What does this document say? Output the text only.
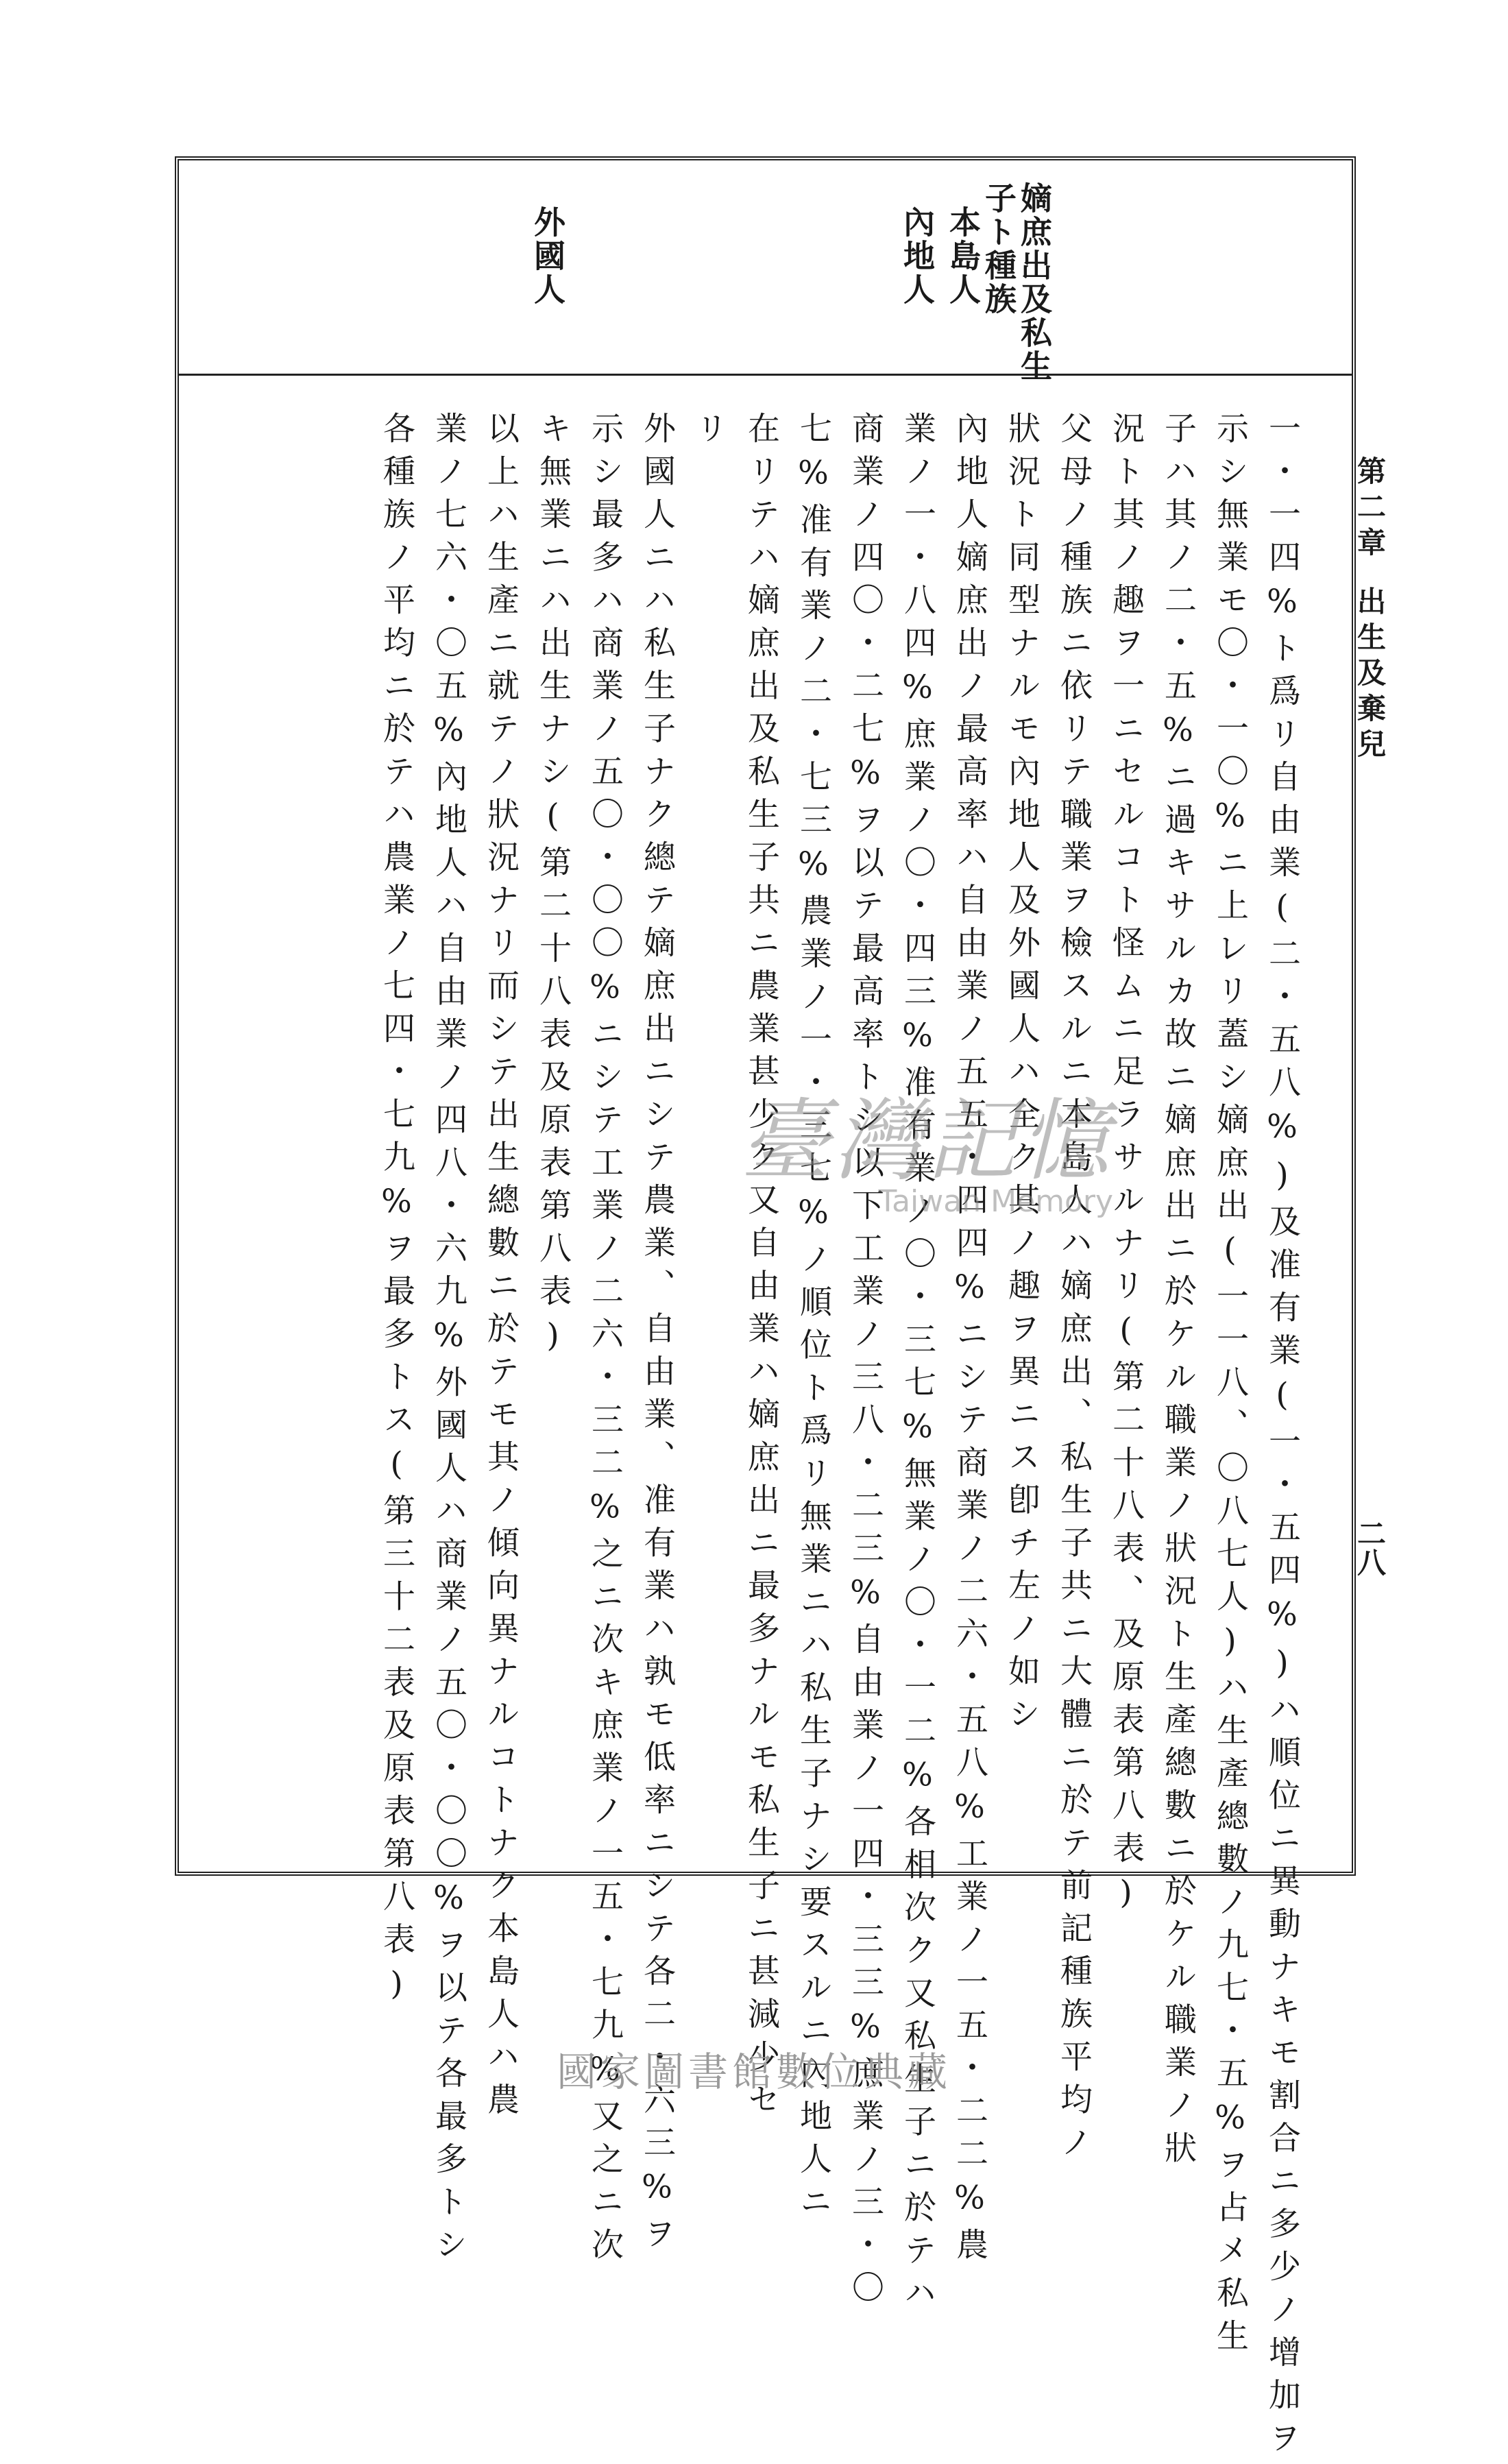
第二章
出生及棄兒
二八
嫡庶出及私生
子ト種族
本島人
內地人
外國人
一・一四%ト爲リ自由業(二・五八%)及准有業(一・五四%)ハ順位ニ異動ナキモ割合ニ多少ノ增加ヲ
示シ無業モ〇・一〇%ニ上レリ蓋シ嫡庶出(一一八、〇八七人)ハ生產總數ノ九七・五%ヲ占メ私生
子ハ其ノ二・五%ニ過キサルカ故ニ嫡庶出ニ於ケル職業ノ狀況ト生產總數ニ於ケル職業ノ狀
況ト其ノ趣ヲ一ニセルコト怪ムニ足ラサルナリ(第二十八表、及原表第八表)
父母ノ種族ニ依リテ職業ヲ檢スルニ本島人ハ嫡庶出、私生子共ニ大體ニ於テ前記種族平均ノ
狀況ト同型ナルモ內地人及外國人ハ全ク其ノ趣ヲ異ニス卽チ左ノ如シ
內地人嫡庶出ノ最高率ハ自由業ノ五五・四四%ニシテ商業ノ二六・五八%工業ノ一五・二二%農
業ノ一・八四%庶業ノ〇・四三%准有業ノ〇・三七%無業ノ〇・一二%各相次ク又私生子ニ於テハ
商業ノ四〇・二七%ヲ以テ最高率トシ以下工業ノ三八・二三%自由業ノ一四・三三%庶業ノ三・〇
七%准有業ノ二・七三%農業ノ一・三七%ノ順位ト爲リ無業ニハ私生子ナシ要スルニ內地人ニ
在リテハ嫡庶出及私生子共ニ農業甚少ク又自由業ハ嫡庶出ニ最多ナルモ私生子ニ甚減少セ
リ
外國人ニハ私生子ナク總テ嫡庶出ニシテ農業、自由業、准有業ハ孰モ低率ニシテ各二・六三%ヲ
示シ最多ハ商業ノ五〇・〇〇%ニシテ工業ノ二六・三二%之ニ次キ庶業ノ一五・七九%又之ニ次
キ無業ニハ出生ナシ(第二十八表及原表第八表)
以上ハ生產ニ就テノ狀況ナリ而シテ出生總數ニ於テモ其ノ傾向異ナルコトナク本島人ハ農
業ノ七六・〇五%內地人ハ自由業ノ四八・六九%外國人ハ商業ノ五〇・〇〇%ヲ以テ各最多トシ
各種族ノ平均ニ於テハ農業ノ七四・七九%ヲ最多トス(第三十二表及原表第八表)	臺灣記憶
Taiwan Memory
國家圖書館數位典藏
